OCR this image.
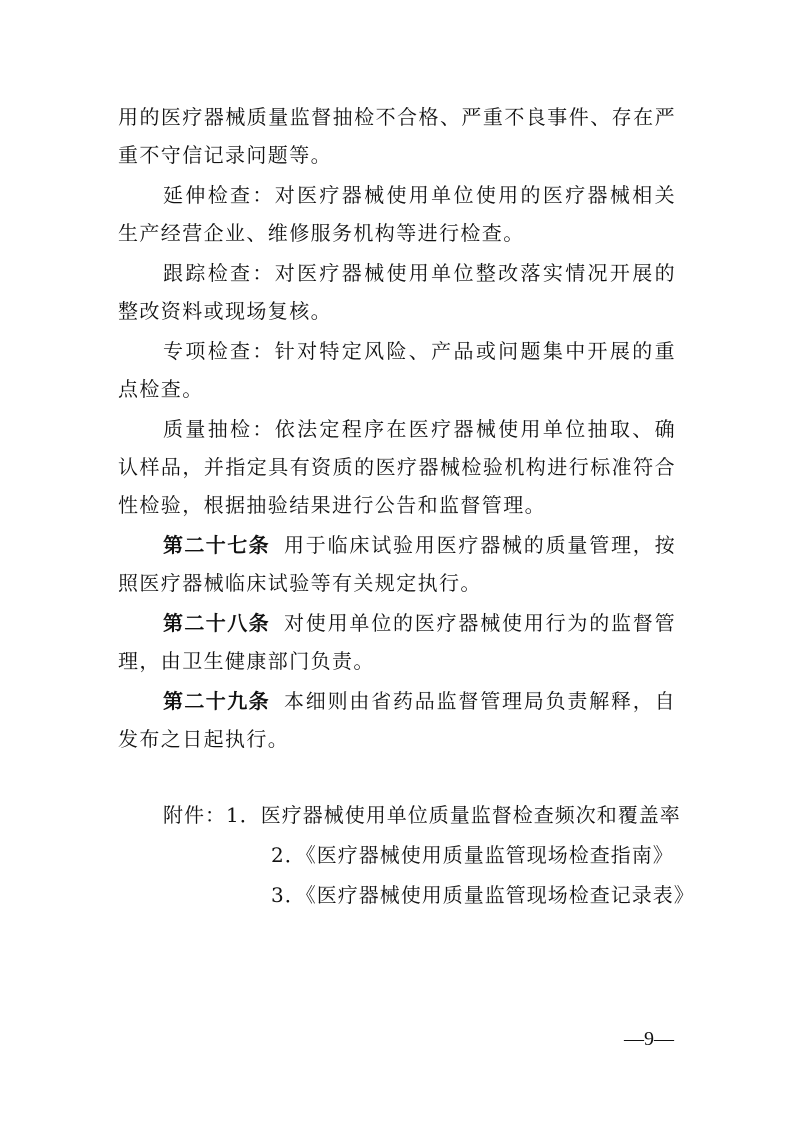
用的医疗器械质量监督抽检不合格、严重不良事件、存在严重不守信记录问题等。

延伸检查：对医疗器械使用单位使用的医疗器械相关生产经营企业、维修服务机构等进行检查。

跟踪检查：对医疗器械使用单位整改落实情况开展的整改资料或现场复核。

专项检查：针对特定风险、产品或问题集中开展的重点检查。

质量抽检：依法定程序在医疗器械使用单位抽取、确认样品，并指定具有资质的医疗器械检验机构进行标准符合性检验，根据抽验结果进行公告和监督管理。

第二十七条 用于临床试验用医疗器械的质量管理，按照医疗器械临床试验等有关规定执行。

第二十八条 对使用单位的医疗器械使用行为的监督管理，由卫生健康部门负责。

第二十九条 本细则由省药品监督管理局负责解释，自发布之日起执行。

附件：1．医疗器械使用单位质量监督检查频次和覆盖率

2．《医疗器械使用质量监管现场检查指南》

3．《医疗器械使用质量监管现场检查记录表》

—9—
